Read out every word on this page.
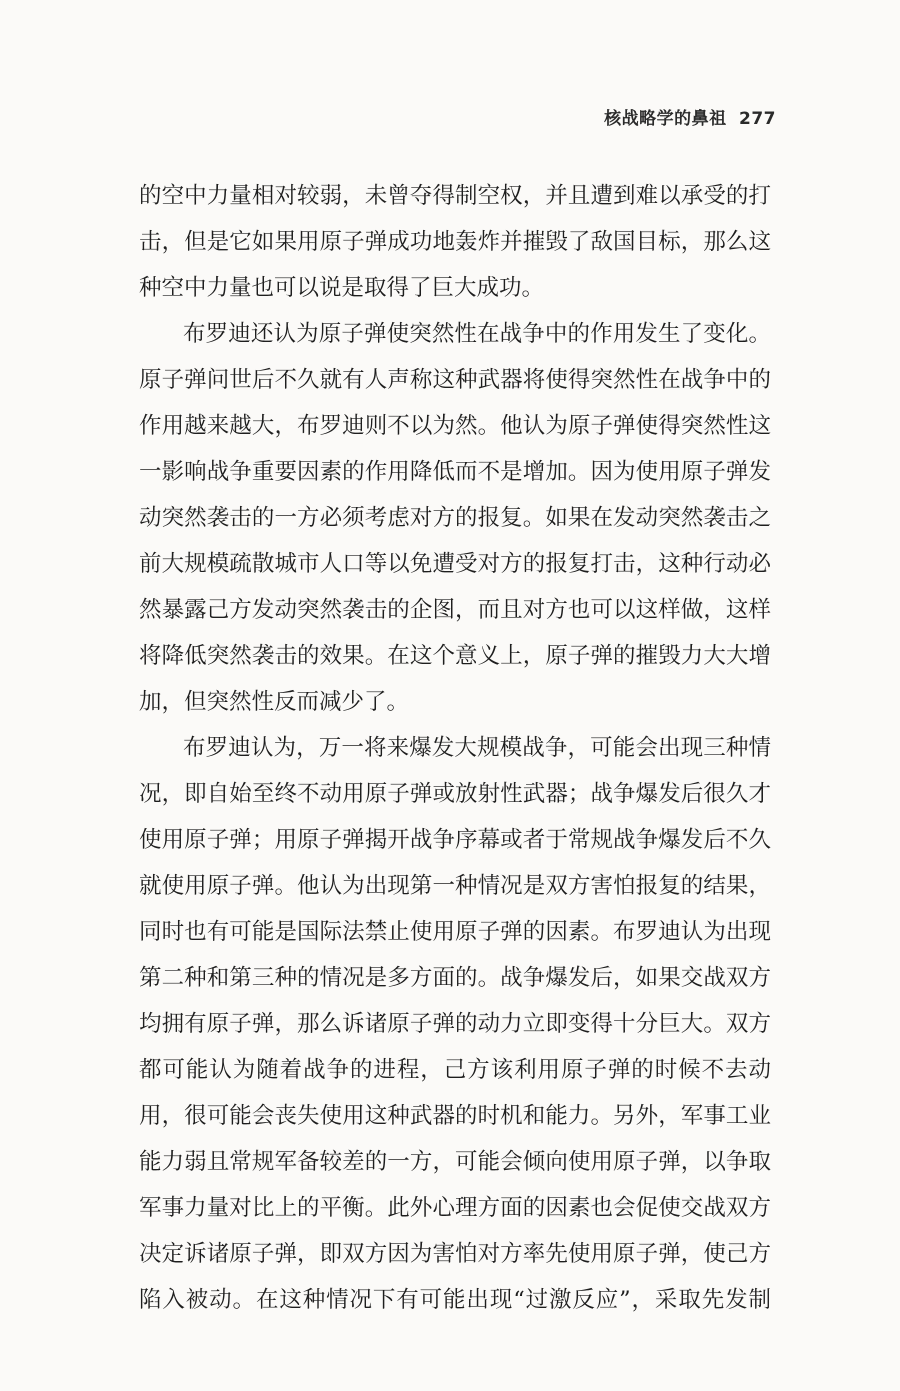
核战略学的鼻祖 277
的空中力量相对较弱，未曾夺得制空权，并且遭到难以承受的打
击，但是它如果用原子弹成功地轰炸并摧毁了敌国目标，那么这
种空中力量也可以说是取得了巨大成功。
布罗迪还认为原子弹使突然性在战争中的作用发生了变化。
原子弹问世后不久就有人声称这种武器将使得突然性在战争中的
作用越来越大，布罗迪则不以为然。他认为原子弹使得突然性这
一影响战争重要因素的作用降低而不是增加。因为使用原子弹发
动突然袭击的一方必须考虑对方的报复。如果在发动突然袭击之
前大规模疏散城市人口等以免遭受对方的报复打击，这种行动必
然暴露己方发动突然袭击的企图，而且对方也可以这样做，这样
将降低突然袭击的效果。在这个意义上，原子弹的摧毁力大大增
加，但突然性反而减少了。
布罗迪认为，万一将来爆发大规模战争，可能会出现三种情
况，即自始至终不动用原子弹或放射性武器；战争爆发后很久才
使用原子弹；用原子弹揭开战争序幕或者于常规战争爆发后不久
就使用原子弹。他认为出现第一种情况是双方害怕报复的结果，
同时也有可能是国际法禁止使用原子弹的因素。布罗迪认为出现
第二种和第三种的情况是多方面的。战争爆发后，如果交战双方
均拥有原子弹，那么诉诸原子弹的动力立即变得十分巨大。双方
都可能认为随着战争的进程，己方该利用原子弹的时候不去动
用，很可能会丧失使用这种武器的时机和能力。另外，军事工业
能力弱且常规军备较差的一方，可能会倾向使用原子弹，以争取
军事力量对比上的平衡。此外心理方面的因素也会促使交战双方
决定诉诸原子弹，即双方因为害怕对方率先使用原子弹，使己方
陷入被动。在这种情况下有可能出现“过激反应”，采取先发制
